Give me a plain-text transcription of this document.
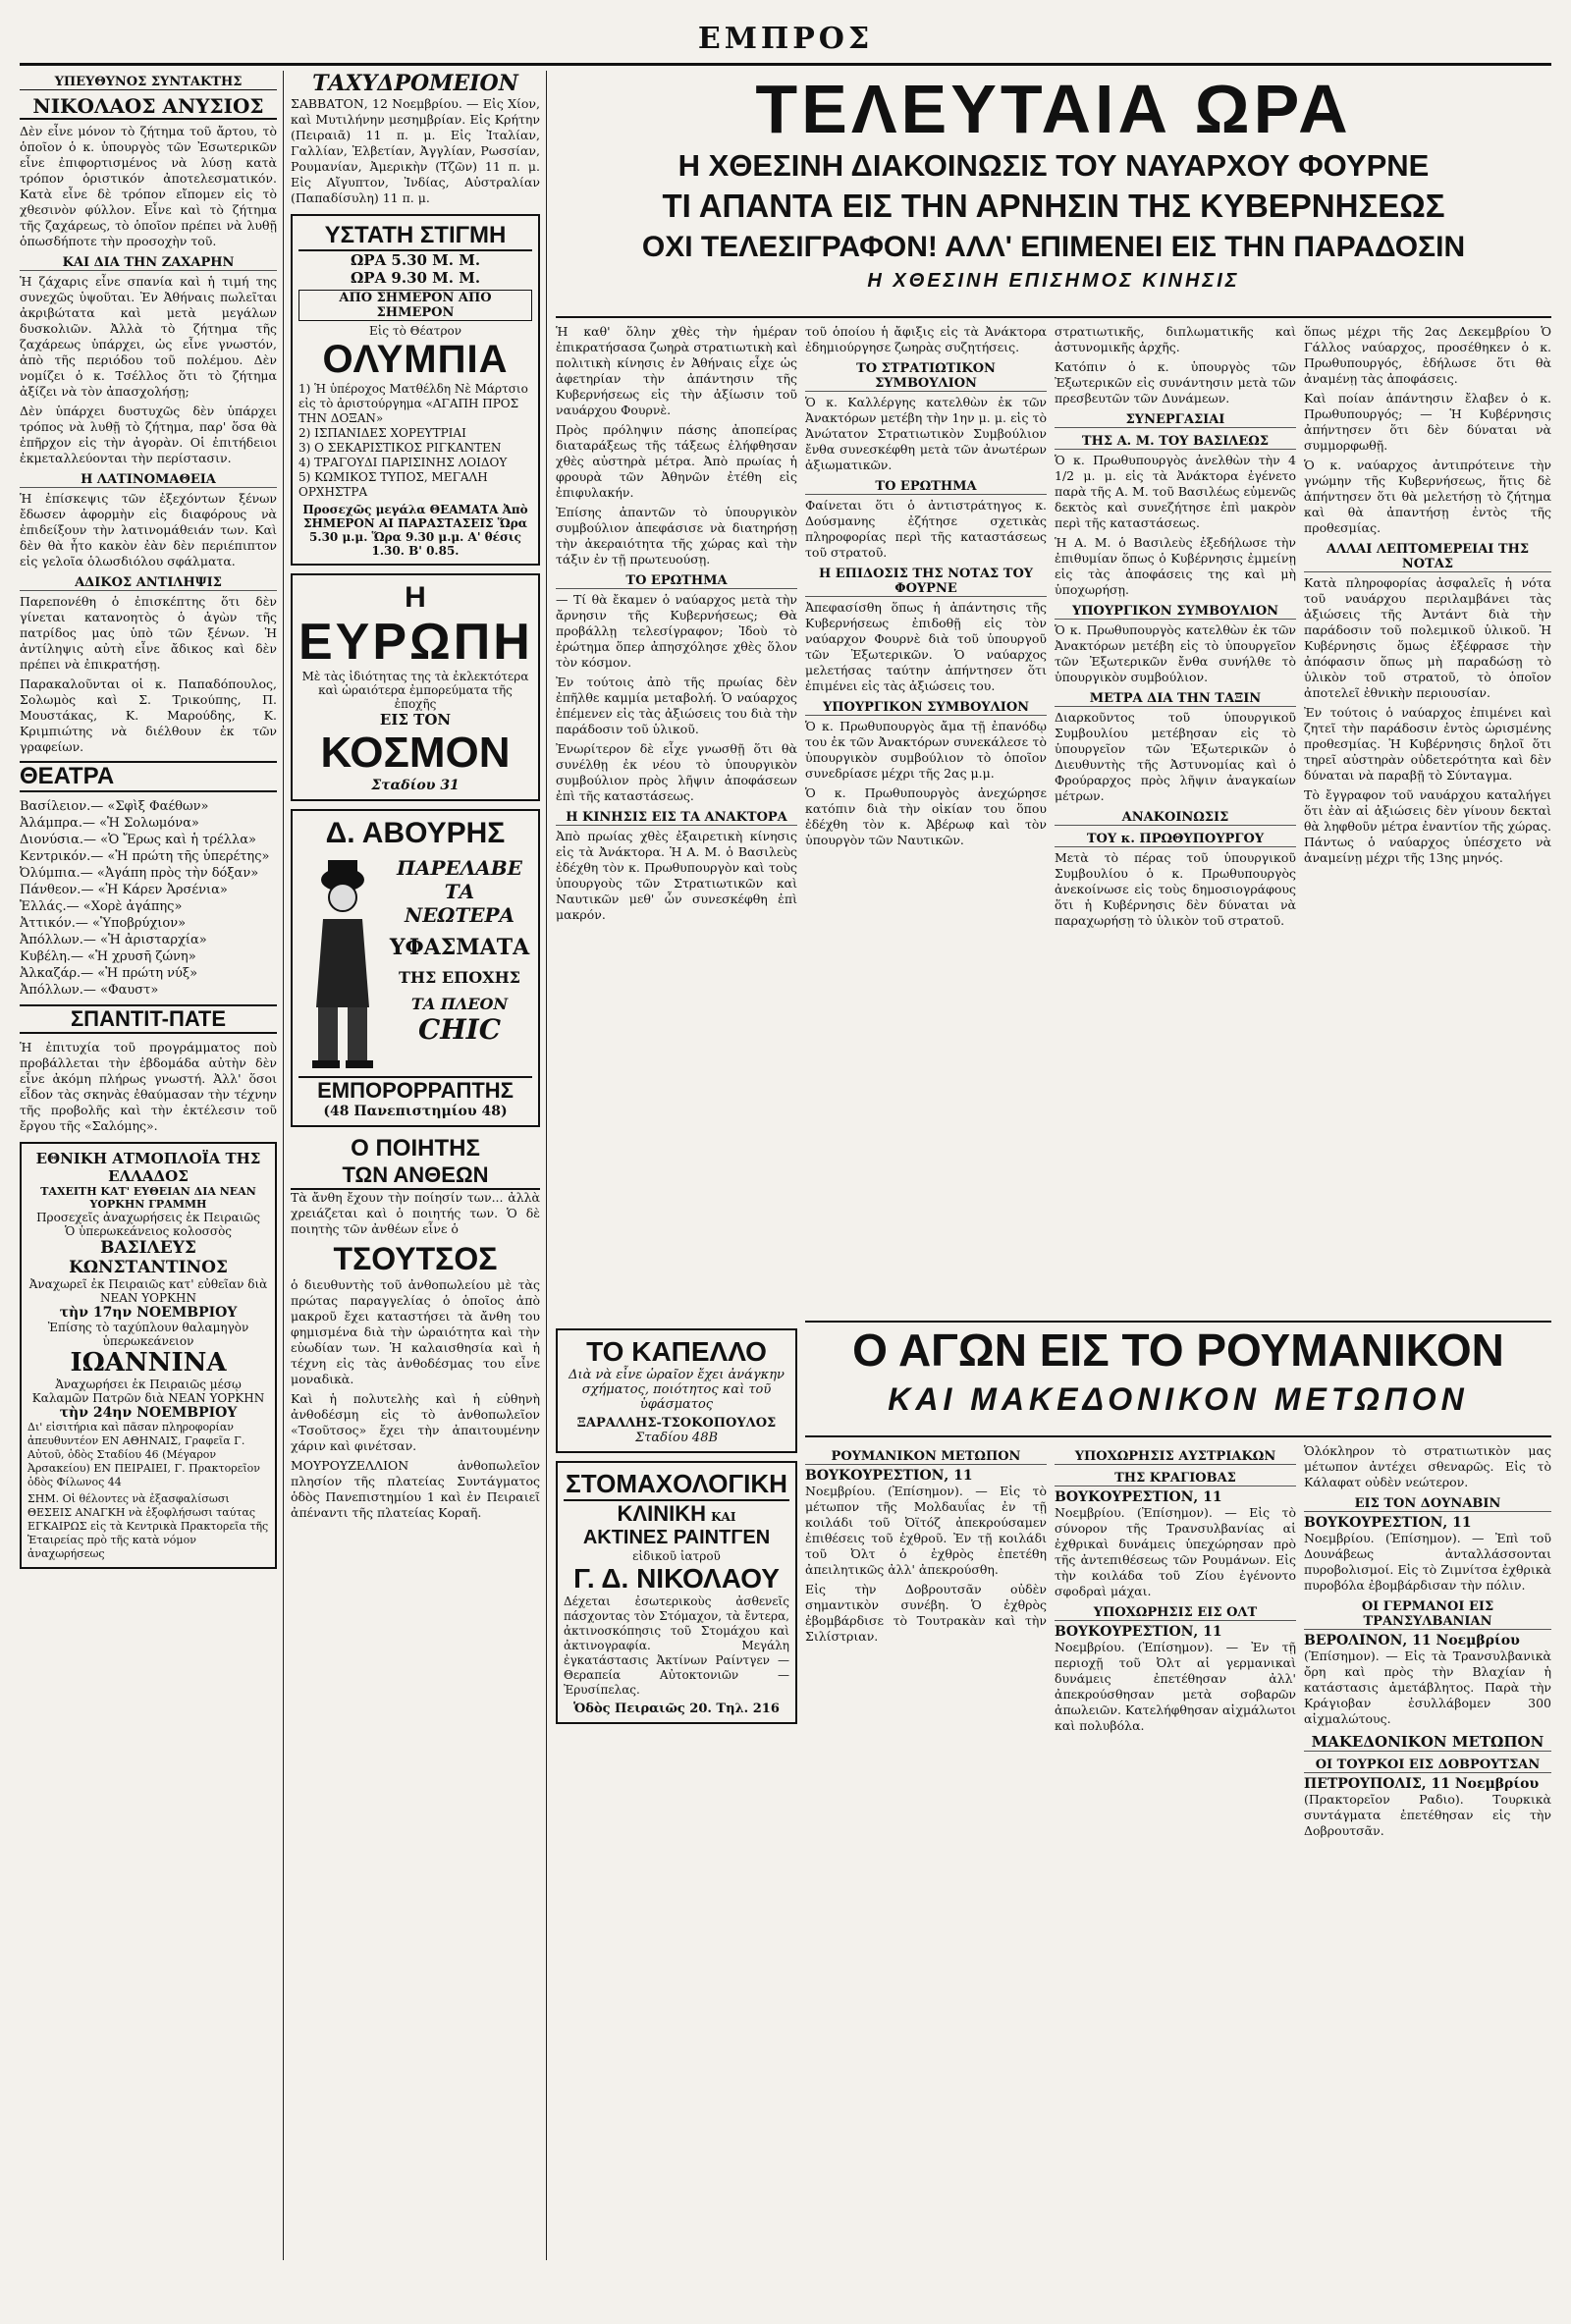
ΕΜΠΡΟΣ
ΥΠΕΥΘΥΝΟΣ ΣΥΝΤΑΚΤΗΣ
ΝΙΚΟΛΑΟΣ ΑΝΥΣΙΟΣ

Δὲν εἶνε μόνον τὸ ζήτημα τοῦ ἄρτου, τὸ ὁποῖον ὁ κ. ὑπουργὸς τῶν Ἐσωτερικῶν εἶνε ἐπιφορτισμένος νὰ λύσῃ κατὰ τρόπον ὁριστικόν ἀποτελεσματικόν. Κατὰ εἶνε δὲ τρόπον εἴπομεν εἰς τὸ χθεσινὸν φύλλον. Εἶνε καὶ τὸ ζήτημα τῆς ζαχάρεως, τὸ ὁποῖον πρέπει νὰ λυθῇ ὁπωσδήποτε τὴν προσοχὴν τοῦ.

ΚΑΙ ΔΙΑ ΤΗΝ ΖΑΧΑΡΗΝ

Ἡ ζάχαρις εἶνε σπανία καὶ ἡ τιμή της συνεχῶς ὑψοῦται. Ἐν Ἀθήναις πωλεῖται ἀκριβώτατα καὶ μετὰ μεγάλων δυσκολιῶν. Ἀλλὰ τὸ ζήτημα τῆς ζαχάρεως ὑπάρχει, ὡς εἶνε γνωστόν, ἀπὸ τῆς περιόδου τοῦ πολέμου. Δὲν νομίζει ὁ κ. Τσέλλος ὅτι τὸ ζήτημα ἀξίζει νὰ τὸν ἀπασχολήσῃ;

Δὲν ὑπάρχει δυστυχῶς δὲν ὑπάρχει τρόπος νὰ λυθῇ τὸ ζήτημα, παρ' ὅσα θὰ ἐπῆρχον εἰς τὴν ἀγορὰν. Οἱ ἐπιτήδειοι ἐκμεταλλεύονται τὴν περίστασιν.

Η ΛΑΤΙΝΟΜΑΘΕΙΑ

Ἡ ἐπίσκεψις τῶν ἐξεχόντων ξένων ἔδωσεν ἀφορμὴν εἰς διαφόρους νὰ ἐπιδείξουν τὴν λατινομάθειάν των. Καὶ δὲν θὰ ἦτο κακὸν ἐὰν δὲν περιέπιπτον εἰς γελοῖα ὁλωσδιόλου σφάλματα.

ΑΔΙΚΟΣ ΑΝΤΙΛΗΨΙΣ

Παρεπονέθη ὁ ἐπισκέπτης ὅτι δὲν γίνεται κατανοητὸς ὁ ἀγὼν τῆς πατρίδος μας ὑπὸ τῶν ξένων. Ἡ ἀντίληψις αὐτὴ εἶνε ἄδικος καὶ δὲν πρέπει νὰ ἐπικρατήσῃ.

Παρακαλοῦνται οἱ κ. Παπαδόπουλος, Σολωμὸς καὶ Σ. Τρικούπης, Π. Μουστάκας, Κ. Μαρούδης, Κ. Κριμπιώτης νὰ διέλθουν ἐκ τῶν γραφείων.

ΘΕΑΤΡΑ
Βασίλειον.— «Σφὶξ Φαέθων»
Ἀλάμπρα.— «Ἡ Σολωμόνα»
Διονύσια.— «Ὁ Ἔρως καὶ ἡ τρέλλα»
Κεντρικόν.— «Ἡ πρώτη τῆς ὑπερέτης»
Ὀλύμπια.— «Ἀγάπη πρὸς τὴν δόξαν»
Πάνθεον.— «Ἡ Κάρεν Ἀρσένια»
Ἑλλάς.— «Χορὲ ἀγάπης»
Ἀττικόν.— «Ὑποβρύχιον»
Ἀπόλλων.— «Ἡ ἀρισταρχία»
Κυβέλη.— «Ἡ χρυσῆ ζώνη»
Ἀλκαζάρ.— «Ἡ πρώτη νύξ»
Ἀπόλλων.— «Φαυστ»
ΣΠΑΝΤΙΤ-ΠΑΤΕ

Ἡ ἐπιτυχία τοῦ προγράμματος ποὺ προβάλλεται τὴν ἑβδομάδα αὐτὴν δὲν εἶνε ἀκόμη πλήρως γνωστή. Ἀλλ' ὅσοι εἶδον τὰς σκηνὰς ἐθαύμασαν τὴν τέχνην τῆς προβολῆς καὶ τὴν ἐκτέλεσιν τοῦ ἔργου τῆς «Σαλόμης».

ΕΘΝΙΚΗ ΑΤΜΟΠΛΟΪΑ ΤΗΣ ΕΛΛΑΔΟΣ
ΤΑΧΕΙΤΗ ΚΑΤ' ΕΥΘΕΙΑΝ ΔΙΑ ΝΕΑΝ ΥΟΡΚΗΝ ΓΡΑΜΜΗ
Προσεχεῖς ἀναχωρήσεις ἐκ Πειραιῶς
Ὁ ὑπερωκεάνειος κολοσσὸς
ΒΑΣΙΛΕΥΣ ΚΩΝΣΤΑΝΤΙΝΟΣ
Ἀναχωρεῖ ἐκ Πειραιῶς κατ' εὐθεῖαν διὰ ΝΕΑΝ ΥΟΡΚΗΝ
τὴν 17ην ΝΟΕΜΒΡΙΟΥ
Ἐπίσης τὸ ταχύπλουν θαλαμηγὸν ὑπερωκεάνειον
ΙΩΑΝΝΙΝΑ
Ἀναχωρήσει ἐκ Πειραιῶς μέσῳ Καλαμῶν Πατρῶν διὰ ΝΕΑΝ ΥΟΡΚΗΝ
τὴν 24ην ΝΟΕΜΒΡΙΟΥ
Δι' εἰσιτήρια καὶ πᾶσαν πληροφορίαν ἀπευθυντέον ΕΝ ΑΘΗΝΑΙΣ, Γραφεῖα Γ. Αὐτοῦ, ὁδὸς Σταδίου 46 (Μέγαρον Ἀρσακείου) ΕΝ ΠΕΙΡΑΙΕΙ, Γ. Πρακτορεῖον ὁδὸς Φίλωνος 44
ΣΗΜ. Οἱ θέλοντες νὰ ἐξασφαλίσωσι ΘΕΣΕΙΣ ΑΝΑΓΚΗ νὰ ἐξοφλήσωσι ταύτας ΕΓΚΑΙΡΩΣ εἰς τὰ Κεντρικὰ Πρακτορεῖα τῆς Ἑταιρείας πρὸ τῆς κατὰ νόμον ἀναχωρήσεως
ΤΑΧΥΔΡΟΜΕΙΟΝ

ΣΑΒΒΑΤΟΝ, 12 Νοεμβρίου. — Εἰς Χίον, καὶ Μυτιλήνην μεσημβρίαν. Εἰς Κρήτην (Πειραιᾶ) 11 π. μ. Εἰς Ἰταλίαν, Γαλλίαν, Ἑλβετίαν, Ἀγγλίαν, Ρωσσίαν, Ρουμανίαν, Ἀμερικὴν (Τζῶν) 11 π. μ. Εἰς Αἴγυπτον, Ἰνδίας, Αὐστραλίαν (Παπαδίσυλη) 11 π. μ.

ΥΣΤΑΤΗ ΣΤΙΓΜΗ
ΩΡΑ 5.30 Μ. Μ.
ΩΡΑ 9.30 Μ. Μ.
ΑΠΟ ΣΗΜΕΡΟΝ ΑΠΟ ΣΗΜΕΡΟΝ
Εἰς τὸ Θέατρον
ΟΛΥΜΠΙΑ
1) Ἡ ὑπέροχος Ματθέλδη Νὲ Μάρτσιο εἰς τὸ ἀριστούργημα «ΑΓΑΠΗ ΠΡΟΣ ΤΗΝ ΔΟΞΑΝ»
2) ΙΣΠΑΝΙΔΕΣ ΧΟΡΕΥΤΡΙΑΙ
3) Ο ΣΕΚΑΡΙΣΤΙΚΟΣ ΡΙΓΚΑΝΤΕΝ
4) ΤΡΑΓΟΥΔΙ ΠΑΡΙΣΙΝΗΣ ΛΟΙΔΟΥ
5) ΚΩΜΙΚΟΣ ΤΥΠΟΣ, ΜΕΓΑΛΗ ΟΡΧΗΣΤΡΑ
Προσεχῶς μεγάλα ΘΕΑΜΑΤΑ Ἀπὸ ΣΗΜΕΡΟΝ ΑΙ ΠΑΡΑΣΤΑΣΕΙΣ Ὥρα 5.30 μ.μ. Ὥρα 9.30 μ.μ. Α' θέσις 1.30. Β' 0.85.
Η
ΕΥΡΩΠΗ
Μὲ τὰς ἰδιότητας της τὰ ἐκλεκτότερα καὶ ὡραιότερα ἐμπορεύματα τῆς ἐποχῆς
ΕΙΣ ΤΟΝ
ΚΟΣΜΟΝ
Σταδίου 31
Δ. ΑΒΟΥΡΗΣ
ΠΑΡΕΛΑΒΕ
ΤΑ ΝΕΩΤΕΡΑ
ΥΦΑΣΜΑΤΑ
ΤΗΣ ΕΠΟΧΗΣ
ΤΑ ΠΛΕΟΝ
CHIC
ΕΜΠΟΡΟΡΡΑΠΤΗΣ
(48 Πανεπιστημίου 48)
Ο ΠΟΙΗΤΗΣ
ΤΩΝ ΑΝΘΕΩΝ

Τὰ ἄνθη ἔχουν τὴν ποίησίν των... ἀλλὰ χρειάζεται καὶ ὁ ποιητής των. Ὁ δὲ ποιητὴς τῶν ἀνθέων εἶνε ὁ

ΤΣΟΥΤΣΟΣ

ὁ διευθυντὴς τοῦ ἀνθοπωλείου μὲ τὰς πρώτας παραγγελίας ὁ ὁποῖος ἀπὸ μακροῦ ἔχει καταστήσει τὰ ἄνθη του φημισμένα διὰ τὴν ὡραιότητα καὶ τὴν εὐωδίαν των. Ἡ καλαισθησία καὶ ἡ τέχνη εἰς τὰς ἀνθοδέσμας του εἶνε μοναδικὰ.

Καὶ ἡ πολυτελὴς καὶ ἡ εὐθηνὴ ἀνθοδέσμη εἰς τὸ ἀνθοπωλεῖον «Τσοῦτσος» ἔχει τὴν ἀπαιτουμένην χάριν καὶ φινέτσαν.

ΜΟΥΡΟΥΖΕΛΛΙΟΝ ἀνθοπωλεῖον πλησίον τῆς πλατείας Συντάγματος ὁδὸς Πανεπιστημίου 1 καὶ ἐν Πειραιεῖ ἀπέναντι τῆς πλατείας Κοραῆ.

ΤΕΛΕΥΤΑΙΑ ΩΡΑ
Η ΧΘΕΣΙΝΗ ΔΙΑΚΟΙΝΩΣΙΣ ΤΟΥ ΝΑΥΑΡΧΟΥ ΦΟΥΡΝΕ
ΤΙ ΑΠΑΝΤΑ ΕΙΣ ΤΗΝ ΑΡΝΗΣΙΝ ΤΗΣ ΚΥΒΕΡΝΗΣΕΩΣ
ΟΧΙ ΤΕΛΕΣΙΓΡΑΦΟΝ! ΑΛΛ' ΕΠΙΜΕΝΕΙ ΕΙΣ ΤΗΝ ΠΑΡΑΔΟΣΙΝ
Η ΧΘΕΣΙΝΗ ΕΠΙΣΗΜΟΣ ΚΙΝΗΣΙΣ

Ἡ καθ' ὅλην χθὲς τὴν ἡμέραν ἐπικρατήσασα ζωηρὰ στρατιωτικὴ καὶ πολιτικὴ κίνησις ἐν Ἀθήναις εἶχε ὡς ἀφετηρίαν τὴν ἀπάντησιν τῆς Κυβερνήσεως εἰς τὴν ἀξίωσιν τοῦ ναυάρχου Φουρνὲ.

Πρὸς πρόληψιν πάσης ἀποπείρας διαταράξεως τῆς τάξεως ἐλήφθησαν χθὲς αὐστηρὰ μέτρα. Ἀπὸ πρωίας ἡ φρουρὰ τῶν Ἀθηνῶν ἐτέθη εἰς ἐπιφυλακήν.

Ἐπίσης ἀπαντῶν τὸ ὑπουργικὸν συμβούλιον ἀπεφάσισε νὰ διατηρήσῃ τὴν ἀκεραιότητα τῆς χώρας καὶ τὴν τάξιν ἐν τῇ πρωτευούσῃ.

ΤΟ ΕΡΩΤΗΜΑ

— Τί θὰ ἔκαμεν ὁ ναύαρχος μετὰ τὴν ἄρνησιν τῆς Κυβερνήσεως; Θὰ προβάλλῃ τελεσίγραφον; Ἰδοὺ τὸ ἐρώτημα ὅπερ ἀπησχόλησε χθὲς ὅλον τὸν κόσμον.

Ἐν τούτοις ἀπὸ τῆς πρωίας δὲν ἐπῆλθε καμμία μεταβολή. Ὁ ναύαρχος ἐπέμενεν εἰς τὰς ἀξιώσεις του διὰ τὴν παράδοσιν τοῦ ὑλικοῦ.

Ἐνωρίτερον δὲ εἶχε γνωσθῇ ὅτι θὰ συνέλθῃ ἐκ νέου τὸ ὑπουργικὸν συμβούλιον πρὸς λῆψιν ἀποφάσεων ἐπὶ τῆς καταστάσεως.

Η ΚΙΝΗΣΙΣ ΕΙΣ ΤΑ ΑΝΑΚΤΟΡΑ

Ἀπὸ πρωίας χθὲς ἐξαιρετικὴ κίνησις εἰς τὰ Ἀνάκτορα. Ἡ Α. Μ. ὁ Βασιλεὺς ἐδέχθη τὸν κ. Πρωθυπουργὸν καὶ τοὺς ὑπουργοὺς τῶν Στρατιωτικῶν καὶ Ναυτικῶν μεθ' ὧν συνεσκέφθη ἐπὶ μακρόν.

τοῦ ὁποίου ἡ ἄφιξις εἰς τὰ Ἀνάκτορα ἐδημιούργησε ζωηρὰς συζητήσεις.

ΤΟ ΣΤΡΑΤΙΩΤΙΚΟΝ ΣΥΜΒΟΥΛΙΟΝ

Ὁ κ. Καλλέργης κατελθὼν ἐκ τῶν Ἀνακτόρων μετέβη τὴν 1ην μ. μ. εἰς τὸ Ἀνώτατον Στρατιωτικὸν Συμβούλιον ἔνθα συνεσκέφθη μετὰ τῶν ἀνωτέρων ἀξιωματικῶν.

ΤΟ ΕΡΩΤΗΜΑ

Φαίνεται ὅτι ὁ ἀντιστράτηγος κ. Δούσμανης ἐζήτησε σχετικὰς πληροφορίας περὶ τῆς καταστάσεως τοῦ στρατοῦ.

Η ΕΠΙΔΟΣΙΣ ΤΗΣ ΝΟΤΑΣ ΤΟΥ ΦΟΥΡΝΕ

Ἀπεφασίσθη ὅπως ἡ ἀπάντησις τῆς Κυβερνήσεως ἐπιδοθῇ εἰς τὸν ναύαρχον Φουρνὲ διὰ τοῦ ὑπουργοῦ τῶν Ἐξωτερικῶν. Ὁ ναύαρχος μελετήσας ταύτην ἀπήντησεν ὅτι ἐπιμένει εἰς τὰς ἀξιώσεις του.

ΥΠΟΥΡΓΙΚΟΝ ΣΥΜΒΟΥΛΙΟΝ

Ὁ κ. Πρωθυπουργὸς ἄμα τῇ ἐπανόδῳ του ἐκ τῶν Ἀνακτόρων συνεκάλεσε τὸ ὑπουργικὸν συμβούλιον τὸ ὁποῖον συνεδρίασε μέχρι τῆς 2ας μ.μ.

Ὁ κ. Πρωθυπουργὸς ἀνεχώρησε κατόπιν διὰ τὴν οἰκίαν του ὅπου ἐδέχθη τὸν κ. Ἀβέρωφ καὶ τὸν ὑπουργὸν τῶν Ναυτικῶν.

στρατιωτικῆς, διπλωματικῆς καὶ ἀστυνομικῆς ἀρχῆς.

Κατόπιν ὁ κ. ὑπουργὸς τῶν Ἐξωτερικῶν εἰς συνάντησιν μετὰ τῶν πρεσβευτῶν τῶν Δυνάμεων.

ΣΥΝΕΡΓΑΣΙΑΙ
ΤΗΣ Α. Μ. ΤΟΥ ΒΑΣΙΛΕΩΣ

Ὁ κ. Πρωθυπουργὸς ἀνελθὼν τὴν 4 1/2 μ. μ. εἰς τὰ Ἀνάκτορα ἐγένετο παρὰ τῆς Α. Μ. τοῦ Βασιλέως εὐμενῶς δεκτὸς καὶ συνεζήτησε ἐπὶ μακρὸν περὶ τῆς καταστάσεως.

Ἡ Α. Μ. ὁ Βασιλεὺς ἐξεδήλωσε τὴν ἐπιθυμίαν ὅπως ὁ Κυβέρνησις ἐμμείνῃ εἰς τὰς ἀποφάσεις της καὶ μὴ ὑποχωρήσῃ.

ΥΠΟΥΡΓΙΚΟΝ ΣΥΜΒΟΥΛΙΟΝ

Ὁ κ. Πρωθυπουργὸς κατελθὼν ἐκ τῶν Ἀνακτόρων μετέβη εἰς τὸ ὑπουργεῖον τῶν Ἐξωτερικῶν ἔνθα συνήλθε τὸ ὑπουργικὸν συμβούλιον.

ΜΕΤΡΑ ΔΙΑ ΤΗΝ ΤΑΞΙΝ

Διαρκοῦντος τοῦ ὑπουργικοῦ Συμβουλίου μετέβησαν εἰς τὸ ὑπουργεῖον τῶν Ἐξωτερικῶν ὁ Διευθυντὴς τῆς Ἀστυνομίας καὶ ὁ Φρούραρχος πρὸς λῆψιν ἀναγκαίων μέτρων.

ΑΝΑΚΟΙΝΩΣΙΣ
ΤΟΥ κ. ΠΡΩΘΥΠΟΥΡΓΟΥ

Μετὰ τὸ πέρας τοῦ ὑπουργικοῦ Συμβουλίου ὁ κ. Πρωθυπουργὸς ἀνεκοίνωσε εἰς τοὺς δημοσιογράφους ὅτι ἡ Κυβέρνησις δὲν δύναται νὰ παραχωρήσῃ τὸ ὑλικὸν τοῦ στρατοῦ.

ὅπως μέχρι τῆς 2ας Δεκεμβρίου Ὁ Γάλλος ναύαρχος, προσέθηκεν ὁ κ. Πρωθυπουργός, ἐδήλωσε ὅτι θὰ ἀναμένῃ τὰς ἀποφάσεις.

Καὶ ποίαν ἀπάντησιν ἔλαβεν ὁ κ. Πρωθυπουργός; — Ἡ Κυβέρνησις ἀπήντησεν ὅτι δὲν δύναται νὰ συμμορφωθῇ.

Ὁ κ. ναύαρχος ἀντιπρότεινε τὴν γνώμην τῆς Κυβερνήσεως, ἥτις δὲ ἀπήντησεν ὅτι θὰ μελετήσῃ τὸ ζήτημα καὶ θὰ ἀπαντήσῃ ἐντὸς τῆς προθεσμίας.

ΑΛΛΑΙ ΛΕΠΤΟΜΕΡΕΙΑΙ ΤΗΣ ΝΟΤΑΣ

Κατὰ πληροφορίας ἀσφαλεῖς ἡ νότα τοῦ ναυάρχου περιλαμβάνει τὰς ἀξιώσεις τῆς Ἀντάντ διὰ τὴν παράδοσιν τοῦ πολεμικοῦ ὑλικοῦ. Ἡ Κυβέρνησις ὅμως ἐξέφρασε τὴν ἀπόφασιν ὅπως μὴ παραδώσῃ τὸ ὑλικὸν τοῦ στρατοῦ, τὸ ὁποῖον ἀποτελεῖ ἐθνικὴν περιουσίαν.

Ἐν τούτοις ὁ ναύαρχος ἐπιμένει καὶ ζητεῖ τὴν παράδοσιν ἐντὸς ὡρισμένης προθεσμίας. Ἡ Κυβέρνησις δηλοῖ ὅτι τηρεῖ αὐστηρὰν οὐδετερότητα καὶ δὲν δύναται νὰ παραβῇ τὸ Σύνταγμα.

Τὸ ἔγγραφον τοῦ ναυάρχου καταλήγει ὅτι ἐὰν αἱ ἀξιώσεις δὲν γίνουν δεκταὶ θὰ ληφθοῦν μέτρα ἐναντίον τῆς χώρας. Πάντως ὁ ναύαρχος ὑπέσχετο νὰ ἀναμείνῃ μέχρι τῆς 13ης μηνός.

ΤΟ ΚΑΠΕΛΛΟ
Διὰ νὰ εἶνε ὡραῖον ἔχει ἀνάγκην σχήματος, ποιότητος καὶ τοῦ ὑφάσματος
ΞΑΡΑΛΛΗΣ-ΤΣΟΚΟΠΟΥΛΟΣ
Σταδίου 48Β
ΣΤΟΜΑΧΟΛΟΓΙΚΗ
ΚΛΙΝΙΚΗ ΚΑΙ
ΑΚΤΙΝΕΣ ΡΑΙΝΤΓΕΝ
εἰδικοῦ ἰατροῦ
Γ. Δ. ΝΙΚΟΛΑΟΥ
Δέχεται ἐσωτερικοὺς ἀσθενεῖς πάσχοντας τὸν Στόμαχον, τὰ ἔντερα, ἀκτινοσκόπησις τοῦ Στομάχου καὶ ἀκτινογραφία. Μεγάλη ἐγκατάστασις Ἀκτίνων Ραίντγεν — Θεραπεία Αὐτοκτονιῶν — Ἐρυσίπελας.
Ὁδὸς Πειραιῶς 20. Τηλ. 216
Ο ΑΓΩΝ ΕΙΣ ΤΟ ΡΟΥΜΑΝΙΚΟΝ
ΚΑΙ ΜΑΚΕΔΟΝΙΚΟΝ ΜΕΤΩΠΟΝ
ΡΟΥΜΑΝΙΚΟΝ ΜΕΤΩΠΟΝ
ΒΟΥΚΟΥΡΕΣΤΙΟΝ, 11

Νοεμβρίου. (Ἐπίσημον). — Εἰς τὸ μέτωπον τῆς Μολδαυΐας ἐν τῇ κοιλάδι τοῦ Ὀϊτόζ ἀπεκρούσαμεν ἐπιθέσεις τοῦ ἐχθροῦ. Ἐν τῇ κοιλάδι τοῦ Ὀλτ ὁ ἐχθρὸς ἐπετέθη ἀπειλητικῶς ἀλλ' ἀπεκρούσθη.

Εἰς τὴν Δοβρουτσᾶν οὐδὲν σημαντικὸν συνέβη. Ὁ ἐχθρὸς ἐβομβάρδισε τὸ Τουτρακὰν καὶ τὴν Σιλίστριαν.

ΥΠΟΧΩΡΗΣΙΣ ΑΥΣΤΡΙΑΚΩΝ
ΤΗΣ ΚΡΑΓΙΟΒΑΣ
ΒΟΥΚΟΥΡΕΣΤΙΟΝ, 11

Νοεμβρίου. (Ἐπίσημον). — Εἰς τὸ σύνορον τῆς Τρανσυλβανίας αἱ ἐχθρικαὶ δυνάμεις ὑπεχώρησαν πρὸ τῆς ἀντεπιθέσεως τῶν Ρουμάνων. Εἰς τὴν κοιλάδα τοῦ Ζίου ἐγένοντο σφοδραὶ μάχαι.

ΥΠΟΧΩΡΗΣΙΣ ΕΙΣ ΟΛΤ
ΒΟΥΚΟΥΡΕΣΤΙΟΝ, 11

Νοεμβρίου. (Ἐπίσημον). — Ἐν τῇ περιοχῇ τοῦ Ὀλτ αἱ γερμανικαὶ δυνάμεις ἐπετέθησαν ἀλλ' ἀπεκρούσθησαν μετὰ σοβαρῶν ἀπωλειῶν. Κατελήφθησαν αἰχμάλωτοι καὶ πολυβόλα.

Ὁλόκληρον τὸ στρατιωτικὸν μας μέτωπον ἀντέχει σθεναρῶς. Εἰς τὸ Κάλαφατ οὐδὲν νεώτερον.

ΕΙΣ ΤΟΝ ΔΟΥΝΑΒΙΝ
ΒΟΥΚΟΥΡΕΣΤΙΟΝ, 11

Νοεμβρίου. (Ἐπίσημον). — Ἐπὶ τοῦ Δουνάβεως ἀνταλλάσσονται πυροβολισμοί. Εἰς τὸ Ζιμνίτσα ἐχθρικὰ πυροβόλα ἐβομβάρδισαν τὴν πόλιν.

ΟΙ ΓΕΡΜΑΝΟΙ ΕΙΣ ΤΡΑΝΣΥΛΒΑΝΙΑΝ
ΒΕΡΟΛΙΝΟΝ, 11 Νοεμβρίου

(Ἐπίσημον). — Εἰς τὰ Τρανσυλβανικὰ ὄρη καὶ πρὸς τὴν Βλαχίαν ἡ κατάστασις ἀμετάβλητος. Παρὰ τὴν Κράγιοβαν ἐσυλλάβομεν 300 αἰχμαλώτους.

ΜΑΚΕΔΟΝΙΚΟΝ ΜΕΤΩΠΟΝ
ΟΙ ΤΟΥΡΚΟΙ ΕΙΣ ΔΟΒΡΟΥΤΣΑΝ
ΠΕΤΡΟΥΠΟΛΙΣ, 11 Νοεμβρίου

(Πρακτορεῖον Ραδιο). Τουρκικὰ συντάγματα ἐπετέθησαν εἰς τὴν Δοβρουτσᾶν.
